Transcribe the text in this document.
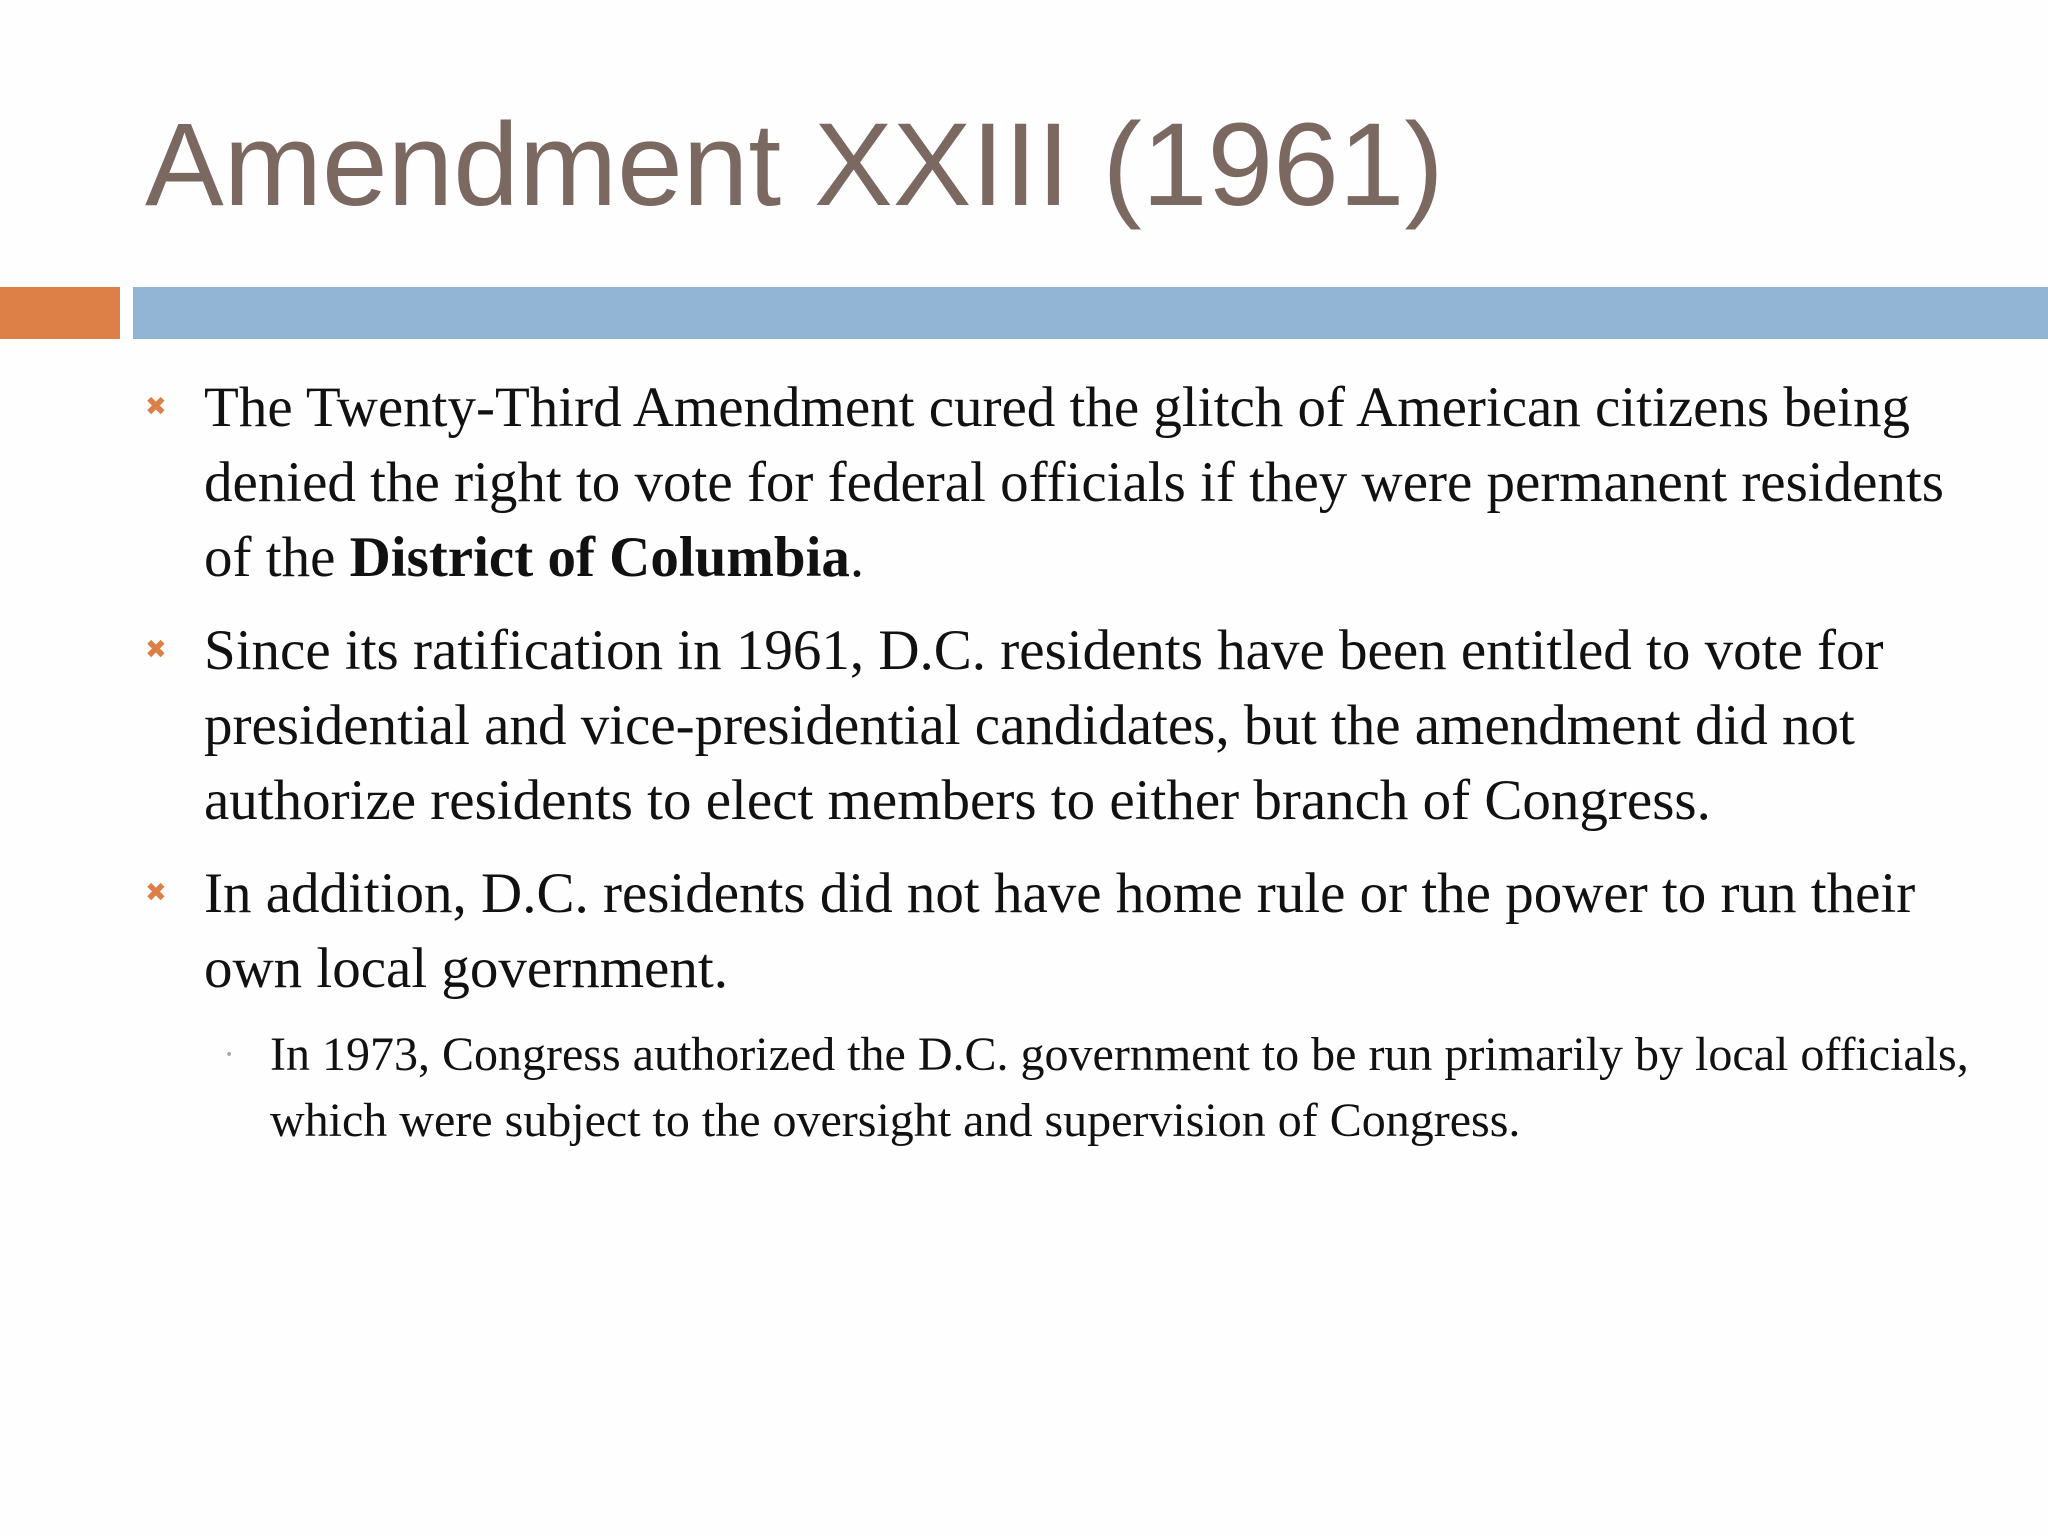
Amendment XXIII (1961)
✖ The Twenty-Third Amendment cured the glitch of American citizens being denied the right to vote for federal officials if they were permanent residents of the District of Columbia.
✖ Since its ratification in 1961, D.C. residents have been entitled to vote for presidential and vice-presidential candidates, but the amendment did not authorize residents to elect members to either branch of Congress.
✖ In addition, D.C. residents did not have home rule or the power to run their own local government.
• In 1973, Congress authorized the D.C. government to be run primarily by local officials, which were subject to the oversight and supervision of Congress.
